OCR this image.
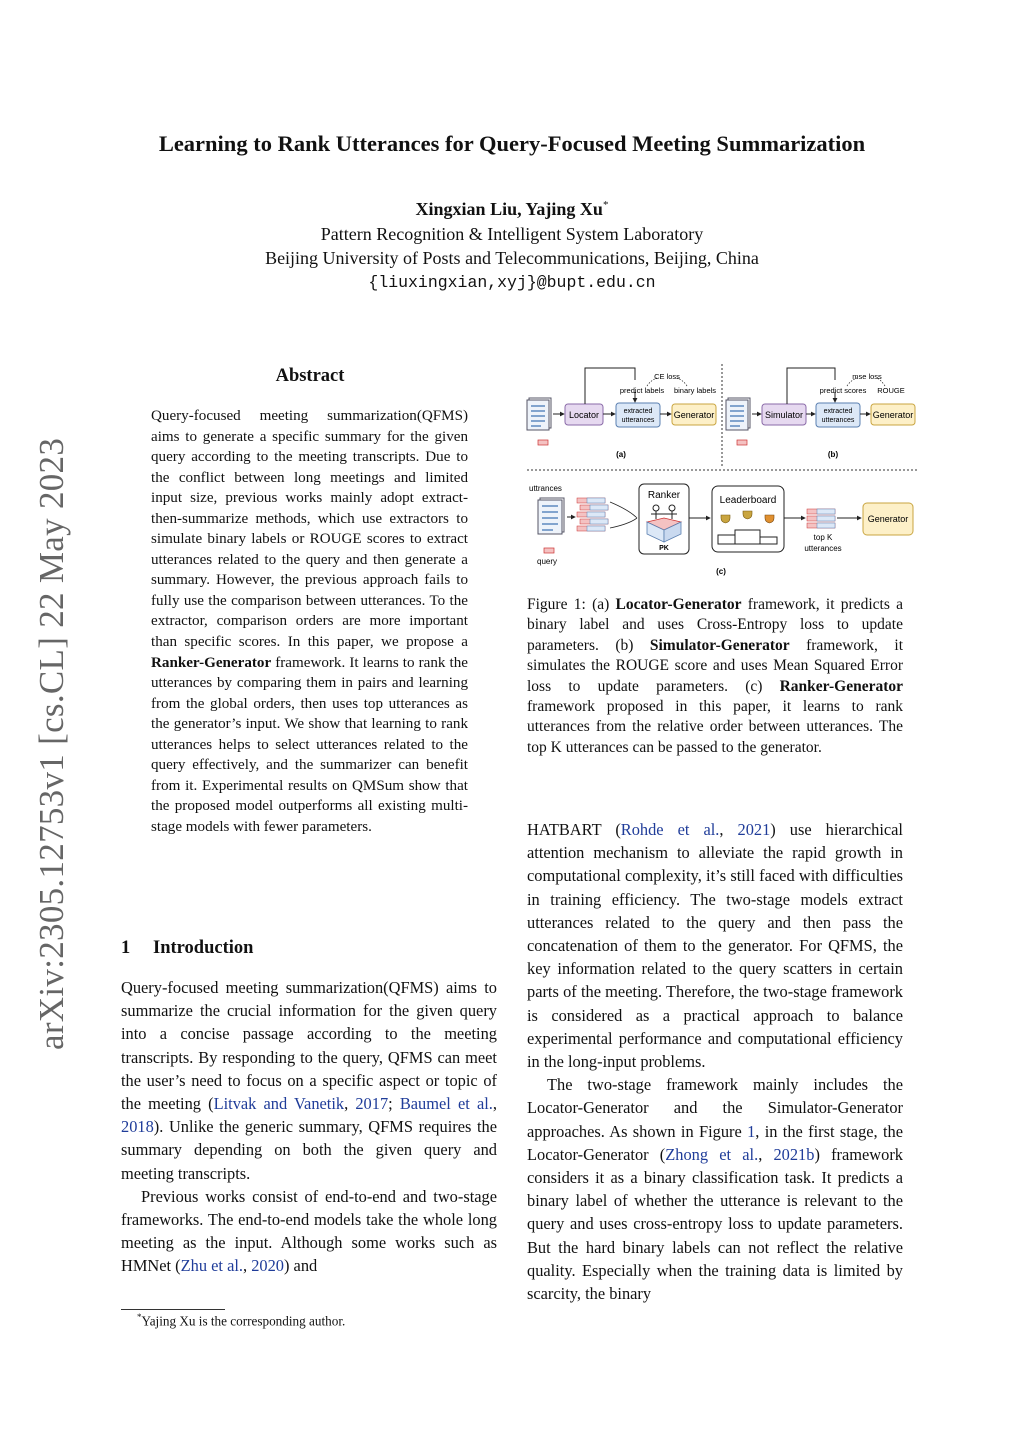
arXiv:2305.12753v1 [cs.CL] 22 May 2023
Learning to Rank Utterances for Query-Focused Meeting Summarization
Xingxian Liu, Yajing Xu*
Pattern Recognition & Intelligent System Laboratory
Beijing University of Posts and Telecommunications, Beijing, China
{liuxingxian,xyj}@bupt.edu.cn
Abstract
Query-focused meeting summarization(QFMS) aims to generate a specific summary for the given query according to the meeting transcripts. Due to the conflict between long meetings and limited input size, previous works mainly adopt extract-then-summarize methods, which use extractors to simulate binary labels or ROUGE scores to extract utterances related to the query and then generate a summary. However, the previous approach fails to fully use the comparison between utterances. To the extractor, comparison orders are more important than specific scores. In this paper, we propose a Ranker-Generator framework. It learns to rank the utterances by comparing them in pairs and learning from the global orders, then uses top utterances as the generator’s input. We show that learning to rank utterances helps to select utterances related to the query effectively, and the summarizer can benefit from it. Experimental results on QMSum show that the proposed model outperforms all existing multi-stage models with fewer parameters.
1 Introduction

Query-focused meeting summarization(QFMS) aims to summarize the crucial information for the given query into a concise passage according to the meeting transcripts. By responding to the query, QFMS can meet the user’s need to focus on a specific aspect or topic of the meeting (Litvak and Vanetik, 2017; Baumel et al., 2018). Unlike the generic summary, QFMS requires the summary depending on both the given query and meeting transcripts.

Previous works consist of end-to-end and two-stage frameworks. The end-to-end models take the whole long meeting as the input. Although some works such as HMNet (Zhu et al., 2020) and

*Yajing Xu is the corresponding author.
Locator	extracted
utterances
Generator
CE loss
predict labels binary labels
(a)
Simulator	extracted
utterances
Generator
mse loss
predict scores ROUGE
(b)
uttrances
query
Ranker
PK
Leaderboard
top K
utterances
Generator
(c)
Figure 1: (a) Locator-Generator framework, it predicts a binary label and uses Cross-Entropy loss to update parameters. (b) Simulator-Generator framework, it simulates the ROUGE score and uses Mean Squared Error loss to update parameters. (c) Ranker-Generator framework proposed in this paper, it learns to rank utterances from the relative order between utterances. The top K utterances can be passed to the generator.

HATBART (Rohde et al., 2021) use hierarchical attention mechanism to alleviate the rapid growth in computational complexity, it’s still faced with difficulties in training efficiency. The two-stage models extract utterances related to the query and then pass the concatenation of them to the generator. For QFMS, the key information related to the query scatters in certain parts of the meeting. Therefore, the two-stage framework is considered as a practical approach to balance experimental performance and computational efficiency in the long-input problems.

The two-stage framework mainly includes the Locator-Generator and the Simulator-Generator approaches. As shown in Figure 1, in the first stage, the Locator-Generator (Zhong et al., 2021b) framework considers it as a binary classification task. It predicts a binary label of whether the utterance is relevant to the query and uses cross-entropy loss to update parameters. But the hard binary labels can not reflect the relative quality. Especially when the training data is limited by scarcity, the binary
